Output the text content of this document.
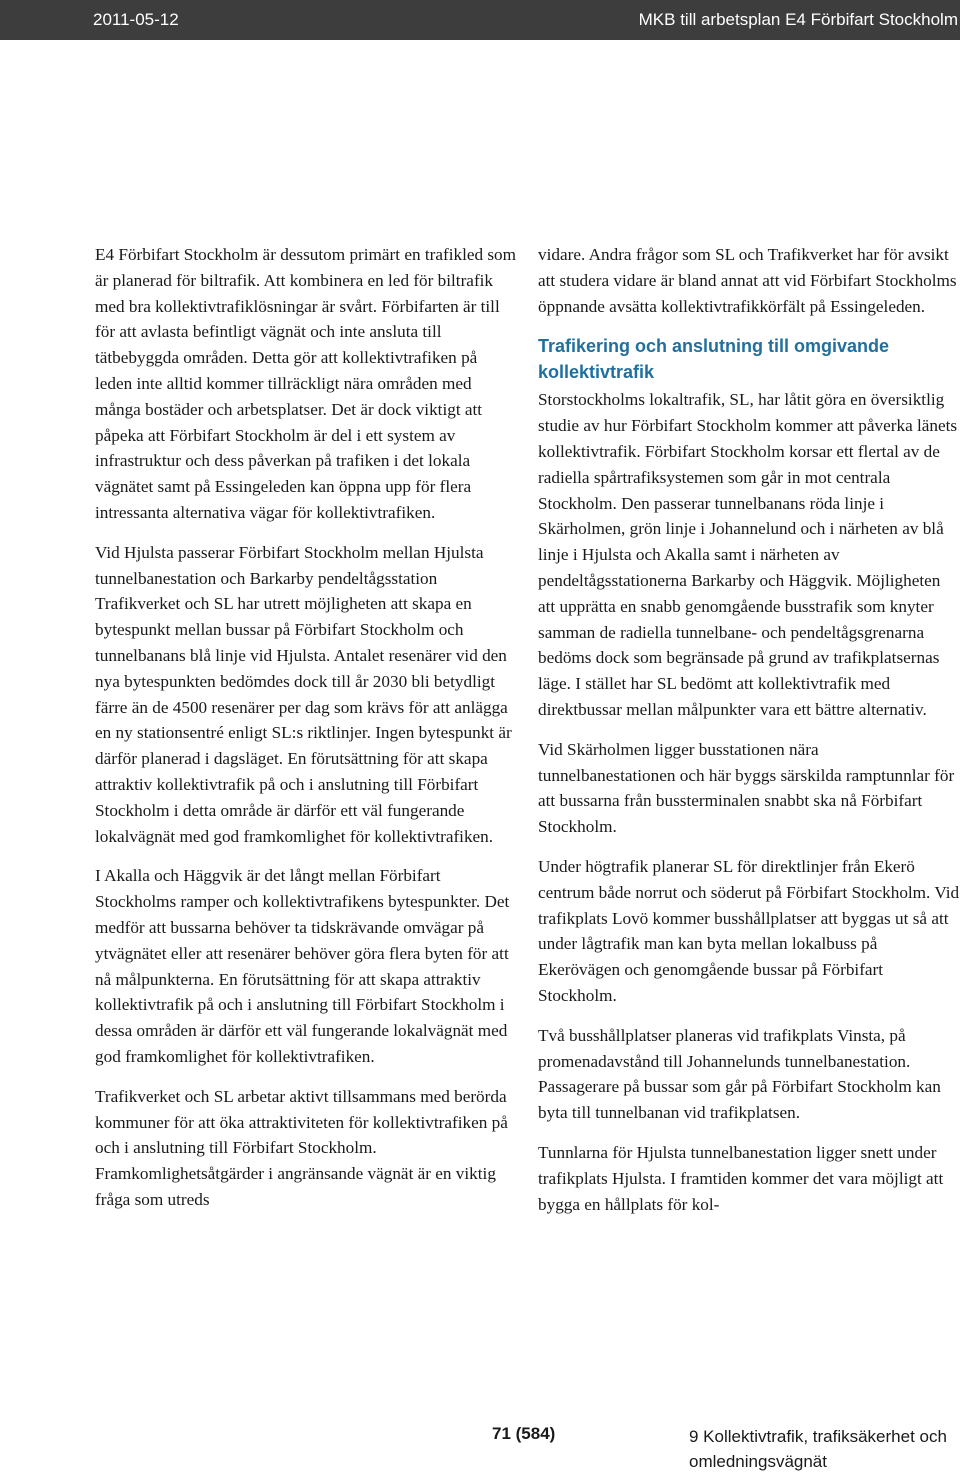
2011-05-12	MKB till arbetsplan E4 Förbifart Stockholm

E4 Förbifart Stockholm är dessutom primärt en trafikled som är planerad för biltrafik. Att kombinera en led för biltrafik med bra kollektivtrafiklösningar är svårt. Förbifarten är till för att avlasta befintligt vägnät och inte ansluta till tätbebyggda områden. Detta gör att kollektivtrafiken på leden inte alltid kommer tillräckligt nära områden med många bostäder och arbetsplatser. Det är dock viktigt att påpeka att Förbifart Stockholm är del i ett system av infrastruktur och dess påverkan på trafiken i det lokala vägnätet samt på Essingeleden kan öppna upp för flera intressanta alternativa vägar för kollektivtrafiken.

Vid Hjulsta passerar Förbifart Stockholm mellan Hjulsta tunnelbanestation och Barkarby pendeltågsstation Trafikverket och SL har utrett möjligheten att skapa en bytespunkt mellan bussar på Förbifart Stockholm och tunnelbanans blå linje vid Hjulsta. Antalet resenärer vid den nya bytespunkten bedömdes dock till år 2030 bli betydligt färre än de 4500 resenärer per dag som krävs för att anlägga en ny stationsentré enligt SL:s riktlinjer. Ingen bytespunkt är därför planerad i dagsläget. En förutsättning för att skapa attraktiv kollektivtrafik på och i anslutning till Förbifart Stockholm i detta område är därför ett väl fungerande lokalvägnät med god framkomlighet för kollektivtrafiken.

I Akalla och Häggvik är det långt mellan Förbifart Stockholms ramper och kollektivtrafikens bytespunkter. Det medför att bussarna behöver ta tidskrävande omvägar på ytvägnätet eller att resenärer behöver göra flera byten för att nå målpunkterna. En förutsättning för att skapa attraktiv kollektivtrafik på och i anslutning till Förbifart Stockholm i dessa områden är därför ett väl fungerande lokalvägnät med god framkomlighet för kollektivtrafiken.

Trafikverket och SL arbetar aktivt tillsammans med berörda kommuner för att öka attraktiviteten för kollektivtrafiken på och i anslutning till Förbifart Stockholm. Framkomlighetsåtgärder i angränsande vägnät är en viktig fråga som utreds

vidare. Andra frågor som SL och Trafikverket har för avsikt att studera vidare är bland annat att vid Förbifart Stockholms öppnande avsätta kollektivtrafikkörfält på Essingeleden.

Trafikering och anslutning till omgivande kollektivtrafik

Storstockholms lokaltrafik, SL, har låtit göra en översiktlig studie av hur Förbifart Stockholm kommer att påverka länets kollektivtrafik. Förbifart Stockholm korsar ett flertal av de radiella spårtrafiksystemen som går in mot centrala Stockholm. Den passerar tunnelbanans röda linje i Skärholmen, grön linje i Johannelund och i närheten av blå linje i Hjulsta och Akalla samt i närheten av pendeltågsstationerna Barkarby och Häggvik. Möjligheten att upprätta en snabb genomgående busstrafik som knyter samman de radiella tunnelbane- och pendeltågsgrenarna bedöms dock som begränsade på grund av trafikplatsernas läge. I stället har SL bedömt att kollektivtrafik med direktbussar mellan målpunkter vara ett bättre alternativ.

Vid Skärholmen ligger busstationen nära tunnelbanestationen och här byggs särskilda ramptunnlar för att bussarna från bussterminalen snabbt ska nå Förbifart Stockholm.

Under högtrafik planerar SL för direktlinjer från Ekerö centrum både norrut och söderut på Förbifart Stockholm. Vid trafikplats Lovö kommer busshållplatser att byggas ut så att under lågtrafik man kan byta mellan lokalbuss på Ekerövägen och genomgående bussar på Förbifart Stockholm.

Två busshållplatser planeras vid trafikplats Vinsta, på promenadavstånd till Johannelunds tunnelbanestation. Passagerare på bussar som går på Förbifart Stockholm kan byta till tunnelbanan vid trafikplatsen.

Tunnlarna för Hjulsta tunnelbanestation ligger snett under trafikplats Hjulsta. I framtiden kommer det vara möjligt att bygga en hållplats för kol-

71 (584)	9 Kollektivtrafik, trafiksäkerhet och omledningsvägnät
